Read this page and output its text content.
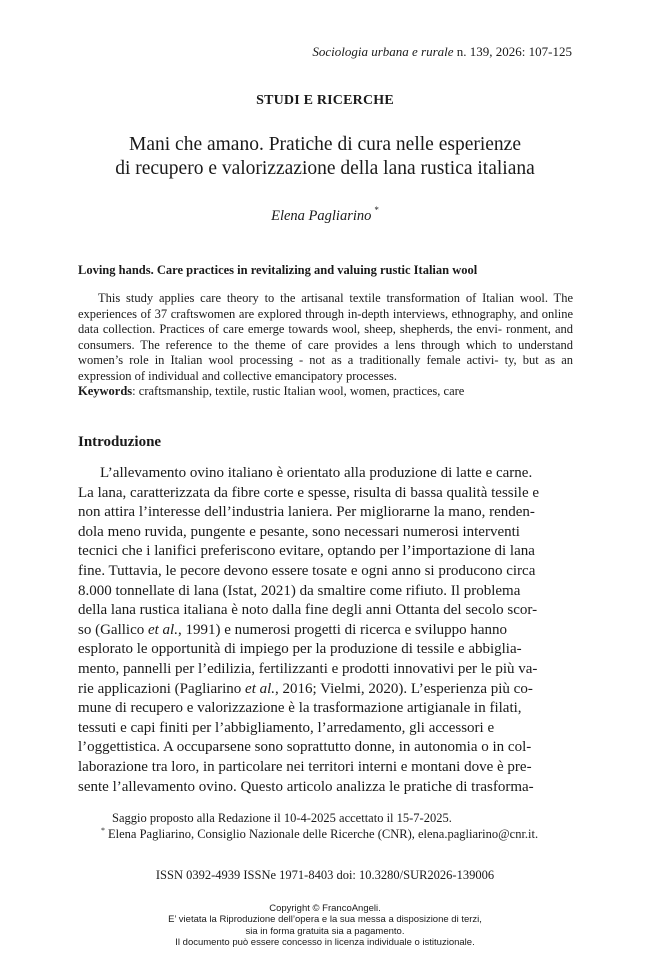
Sociologia urbana e rurale n. 139, 2026: 107-125
STUDI E RICERCHE
Mani che amano. Pratiche di cura nelle esperienze
di recupero e valorizzazione della lana rustica italiana
Elena Pagliarino *
Loving hands. Care practices in revitalizing and valuing rustic Italian wool

This study applies care theory to the artisanal textile transformation of Italian wool. The experiences of 37 craftswomen are explored through in-depth interviews, ethnography, and online data collection. Practices of care emerge towards wool, sheep, shepherds, the envi- ronment, and consumers. The reference to the theme of care provides a lens through which to understand women’s role in Italian wool processing - not as a traditionally female activi- ty, but as an expression of individual and collective emancipatory processes.

Keywords: craftsmanship, textile, rustic Italian wool, women, practices, care
Introduzione
L’allevamento ovino italiano è orientato alla produzione di latte e carne.
La lana, caratterizzata da fibre corte e spesse, risulta di bassa qualità tessile e
non attira l’interesse dell’industria laniera. Per migliorarne la mano, renden-
dola meno ruvida, pungente e pesante, sono necessari numerosi interventi
tecnici che i lanifici preferiscono evitare, optando per l’importazione di lana
fine. Tuttavia, le pecore devono essere tosate e ogni anno si producono circa
8.000 tonnellate di lana (Istat, 2021) da smaltire come rifiuto. Il problema
della lana rustica italiana è noto dalla fine degli anni Ottanta del secolo scor-
so (Gallico et al., 1991) e numerosi progetti di ricerca e sviluppo hanno
esplorato le opportunità di impiego per la produzione di tessile e abbiglia-
mento, pannelli per l’edilizia, fertilizzanti e prodotti innovativi per le più va-
rie applicazioni (Pagliarino et al., 2016; Vielmi, 2020). L’esperienza più co-
mune di recupero e valorizzazione è la trasformazione artigianale in filati,
tessuti e capi finiti per l’abbigliamento, l’arredamento, gli accessori e
l’oggettistica. A occuparsene sono soprattutto donne, in autonomia o in col-
laborazione tra loro, in particolare nei territori interni e montani dove è pre-
sente l’allevamento ovino. Questo articolo analizza le pratiche di trasforma-
Saggio proposto alla Redazione il 10-4-2025 accettato il 15-7-2025.
* Elena Pagliarino, Consiglio Nazionale delle Ricerche (CNR), elena.pagliarino@cnr.it.
ISSN 0392-4939 ISSNe 1971-8403 doi: 10.3280/SUR2026-139006
Copyright © FrancoAngeli.
E’ vietata la Riproduzione dell’opera e la sua messa a disposizione di terzi,
sia in forma gratuita sia a pagamento.
Il documento può essere concesso in licenza individuale o istituzionale.
